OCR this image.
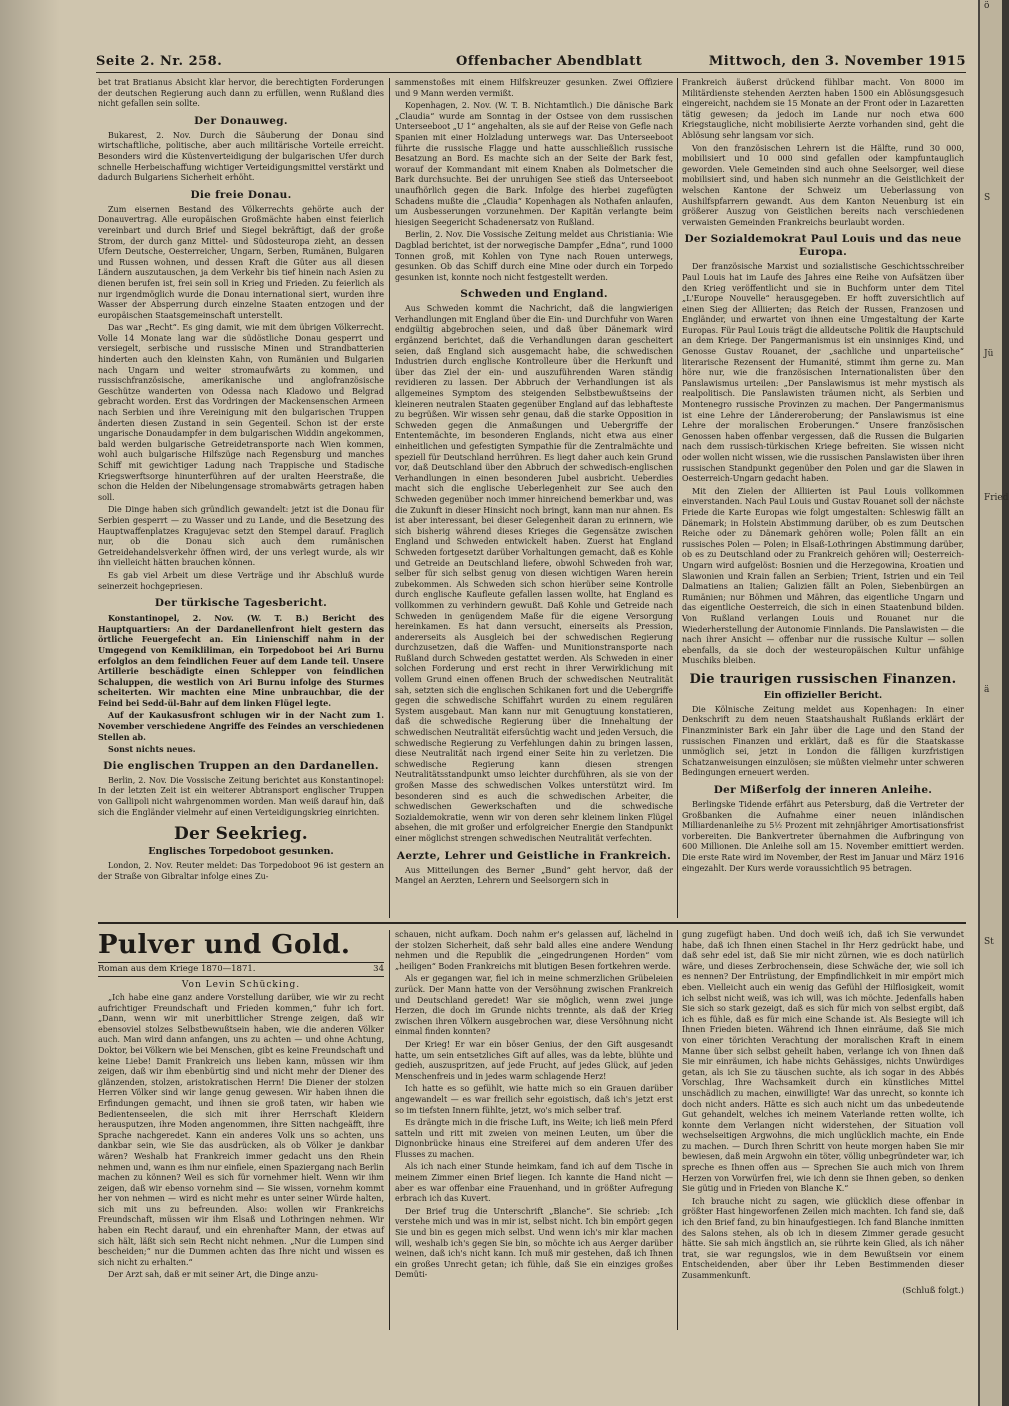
Seite 2. Nr. 258.	Offenbacher Abendblatt	Mittwoch, den 3. November 1915

bet trat Bratianus Absicht klar hervor, die berechtigten Forderungen der deutschen Regierung auch dann zu erfüllen, wenn Rußland dies nicht gefallen sein sollte.

Der Donauweg.

Bukarest, 2. Nov. Durch die Säuberung der Donau sind wirtschaftliche, politische, aber auch militärische Vorteile erreicht. Besonders wird die Küstenverteidigung der bulgarischen Ufer durch schnelle Herbeischaffung wichtiger Verteidigungsmittel verstärkt und dadurch Bulgariens Sicherheit erhöht.

Die freie Donau.

Zum eisernen Bestand des Völkerrechts gehörte auch der Donauvertrag. Alle europäischen Großmächte haben einst feierlich vereinbart und durch Brief und Siegel bekräftigt, daß der große Strom, der durch ganz Mittel- und Südosteuropa zieht, an dessen Ufern Deutsche, Oesterreicher, Ungarn, Serben, Rumänen, Bulgaren und Russen wohnen, und dessen Kraft die Güter aus all diesen Ländern auszutauschen, ja dem Verkehr bis tief hinein nach Asien zu dienen berufen ist, frei sein soll in Krieg und Frieden. Zu feierlich als nur irgendmöglich wurde die Donau international siert, wurden ihre Wasser der Absperrung durch einzelne Staaten entzogen und der europäischen Staatsgemeinschaft unterstellt.

Das war „Recht“. Es ging damit, wie mit dem übrigen Völkerrecht. Volle 14 Monate lang war die südöstliche Donau gesperrt und versiegelt, serbische und russische Minen und Strandbatterien hinderten auch den kleinsten Kahn, von Rumänien und Bulgarien nach Ungarn und weiter stromaufwärts zu kommen, und russischfranzösische, amerikanische und anglofranzösische Geschütze wanderten von Odessa nach Kladowo und Belgrad gebracht worden. Erst das Vordringen der Mackensenschen Armeen nach Serbien und ihre Vereinigung mit den bulgarischen Truppen änderten diesen Zustand in sein Gegenteil. Schon ist der erste ungarische Donaudampfer in dem bulgarischen Widdin angekommen, bald werden bulgarische Getreidetransporte nach Wien kommen, wohl auch bulgarische Hilfszüge nach Regensburg und manches Schiff mit gewichtiger Ladung nach Trappische und Stadische Kriegswerftsorge hinunterführen auf der uralten Heerstraße, die schon die Helden der Nibelungensage stromabwärts getragen haben soll.

Die Dinge haben sich gründlich gewandelt: jetzt ist die Donau für Serbien gesperrt — zu Wasser und zu Lande, und die Besetzung des Hauptwaffenplatzes Kragujevac setzt den Stempel darauf. Fraglich nur, ob die Donau sich auch dem rumänischen Getreidehandelsverkehr öffnen wird, der uns verlegt wurde, als wir ihn vielleicht hätten brauchen können.

Es gab viel Arbeit um diese Verträge und ihr Abschluß wurde seinerzeit hochgepriesen.

Der türkische Tagesbericht.

Konstantinopel, 2. Nov. (W. T. B.) Bericht des Hauptquartiers: An der Dardanellenfront hielt gestern das örtliche Feuergefecht an. Ein Linienschiff nahm in der Umgegend von Kemikliliman, ein Torpedoboot bei Ari Burnu erfolglos an dem feindlichen Feuer auf dem Lande teil. Unsere Artillerie beschädigte einen Schlepper von feindlichen Schaluppen, die westlich von Ari Burnu infolge des Sturmes scheiterten. Wir machten eine Mine unbrauchbar, die der Feind bei Sedd-ül-Bahr auf dem linken Flügel legte.

Auf der Kaukasusfront schlugen wir in der Nacht zum 1. November verschiedene Angriffe des Feindes an verschiedenen Stellen ab.

Sonst nichts neues.

Die englischen Truppen an den Dardanellen.

Berlin, 2. Nov. Die Vossische Zeitung berichtet aus Konstantinopel: In der letzten Zeit ist ein weiterer Abtransport englischer Truppen von Gallipoli nicht wahrgenommen worden. Man weiß darauf hin, daß sich die Engländer vielmehr auf einen Verteidigungskrieg einrichten.

Der Seekrieg.
Englisches Torpedoboot gesunken.

London, 2. Nov. Reuter meldet: Das Torpedoboot 96 ist gestern an der Straße von Gibraltar infolge eines Zu-

sammenstoßes mit einem Hilfskreuzer gesunken. Zwei Offiziere und 9 Mann werden vermißt.

Kopenhagen, 2. Nov. (W. T. B. Nichtamtlich.) Die dänische Bark „Claudia“ wurde am Sonntag in der Ostsee von dem russischen Unterseeboot „U 1“ angehalten, als sie auf der Reise von Gefle nach Spanien mit einer Holzladung unterwegs war. Das Unterseeboot führte die russische Flagge und hatte ausschließlich russische Besatzung an Bord. Es machte sich an der Seite der Bark fest, worauf der Kommandant mit einem Knaben als Dolmetscher die Bark durchsuchte. Bei der unruhigen See stieß das Unterseeboot unaufhörlich gegen die Bark. Infolge des hierbei zugefügten Schadens mußte die „Claudia“ Kopenhagen als Nothafen anlaufen, um Ausbesserungen vorzunehmen. Der Kapitän verlangte beim hiesigen Seegericht Schadenersatz von Rußland.

Berlin, 2. Nov. Die Vossische Zeitung meldet aus Christiania: Wie Dagblad berichtet, ist der norwegische Dampfer „Edna“, rund 1000 Tonnen groß, mit Kohlen von Tyne nach Rouen unterwegs, gesunken. Ob das Schiff durch eine Mine oder durch ein Torpedo gesunken ist, konnte noch nicht festgestellt werden.

Schweden und England.

Aus Schweden kommt die Nachricht, daß die langwierigen Verhandlungen mit England über die Ein- und Durchfuhr von Waren endgültig abgebrochen seien, und daß über Dänemark wird ergänzend berichtet, daß die Verhandlungen daran gescheitert seien, daß England sich ausgemacht habe, die schwedischen Industrien durch englische Kontrolleure über die Herkunft und über das Ziel der ein- und auszuführenden Waren ständig revidieren zu lassen. Der Abbruch der Verhandlungen ist als allgemeines Symptom des steigenden Selbstbewußtseins der kleineren neutralen Staaten gegenüber England auf das lebhafteste zu begrüßen. Wir wissen sehr genau, daß die starke Opposition in Schweden gegen die Anmaßungen und Uebergriffe der Ententemächte, im besonderen Englands, nicht etwa aus einer einheitlichen und gefestigten Sympathie für die Zentralmächte und speziell für Deutschland herrühren. Es liegt daher auch kein Grund vor, daß Deutschland über den Abbruch der schwedisch-englischen Verhandlungen in einen besonderen Jubel ausbricht. Ueberdies macht sich die englische Ueberlegenheit zur See auch den Schweden gegenüber noch immer hinreichend bemerkbar und, was die Zukunft in dieser Hinsicht noch bringt, kann man nur ahnen. Es ist aber interessant, bei dieser Gelegenheit daran zu erinnern, wie sich bisherig während dieses Krieges die Gegensätze zwischen England und Schweden entwickelt haben. Zuerst hat England Schweden fortgesetzt darüber Vorhaltungen gemacht, daß es Kohle und Getreide an Deutschland liefere, obwohl Schweden froh war, selber für sich selbst genug von diesen wichtigen Waren herein zubekommen. Als Schweden sich schon hierüber seine Kontrolle durch englische Kaufleute gefallen lassen wollte, hat England es vollkommen zu verhindern gewußt. Daß Kohle und Getreide nach Schweden in genügendem Maße für die eigene Versorgung hereinkamen. Es hat dann versucht, einerseits als Pression, andererseits als Ausgleich bei der schwedischen Regierung durchzusetzen, daß die Waffen- und Munitionstransporte nach Rußland durch Schweden gestattet werden. Als Schweden in einer solchen Forderung und erst recht in ihrer Verwirklichung mit vollem Grund einen offenen Bruch der schwedischen Neutralität sah, setzten sich die englischen Schikanen fort und die Uebergriffe gegen die schwedische Schiffahrt wurden zu einem regulären System ausgebaut. Man kann nur mit Genugtuung konstatieren, daß die schwedische Regierung über die Innehaltung der schwedischen Neutralität eifersüchtig wacht und jeden Versuch, die schwedische Regierung zu Verfehlungen dahin zu bringen lassen, diese Neutralität nach irgend einer Seite hin zu verletzen. Die schwedische Regierung kann diesen strengen Neutralitätsstandpunkt umso leichter durchführen, als sie von der großen Masse des schwedischen Volkes unterstützt wird. Im besonderen sind es auch die schwedischen Arbeiter, die schwedischen Gewerkschaften und die schwedische Sozialdemokratie, wenn wir von deren sehr kleinem linken Flügel absehen, die mit großer und erfolgreicher Energie den Standpunkt einer möglichst strengen schwedischen Neutralität verfechten.

Aerzte, Lehrer und Geistliche in Frankreich.

Aus Mitteilungen des Berner „Bund“ geht hervor, daß der Mangel an Aerzten, Lehrern und Seelsorgern sich in

Frankreich äußerst drückend fühlbar macht. Von 8000 im Militärdienste stehenden Aerzten haben 1500 ein Ablösungsgesuch eingereicht, nachdem sie 15 Monate an der Front oder in Lazaretten tätig gewesen; da jedoch im Lande nur noch etwa 600 Kriegstaugliche, nicht mobilisierte Aerzte vorhanden sind, geht die Ablösung sehr langsam vor sich.

Von den französischen Lehrern ist die Hälfte, rund 30 000, mobilisiert und 10 000 sind gefallen oder kampfuntauglich geworden. Viele Gemeinden sind auch ohne Seelsorger, weil diese mobilisiert sind, und haben sich nunmehr an die Geistlichkeit der welschen Kantone der Schweiz um Ueberlassung von Aushilfspfarrern gewandt. Aus dem Kanton Neuenburg ist ein größerer Auszug von Geistlichen bereits nach verschiedenen verwaisten Gemeinden Frankreichs beurlaubt worden.

Der Sozialdemokrat Paul Louis und das neue Europa.

Der französische Marxist und sozialistische Geschichtsschreiber Paul Louis hat im Laufe des Jahres eine Reihe von Aufsätzen über den Krieg veröffentlicht und sie in Buchform unter dem Titel „L'Europe Nouvelle“ herausgegeben. Er hofft zuversichtlich auf einen Sieg der Alliierten; das Reich der Russen, Franzosen und Engländer, und erwartet von ihnen eine Umgestaltung der Karte Europas. Für Paul Louis trägt die alldeutsche Politik die Hauptschuld an dem Kriege. Der Pangermanismus ist ein unsinniges Kind, und Genosse Gustav Rouanet, der „sachliche und unparteiische“ literarische Rezensent der Humanité, stimmt ihm gerne zu. Man höre nur, wie die französischen Internationalisten über den Panslawismus urteilen: „Der Panslawismus ist mehr mystisch als realpolitisch. Die Panslawisten träumen nicht, als Serbien und Montenegro russische Provinzen zu machen. Der Pangermanismus ist eine Lehre der Ländereroberung; der Panslawismus ist eine Lehre der moralischen Eroberungen.“ Unsere französischen Genossen haben offenbar vergessen, daß die Russen die Bulgarien nach dem russisch-türkischen Kriege befreiten. Sie wissen nicht oder wollen nicht wissen, wie die russischen Panslawisten über ihren russischen Standpunkt gegenüber den Polen und gar die Slawen in Oesterreich-Ungarn gedacht haben.

Mit den Zielen der Alliierten ist Paul Louis vollkommen einverstanden. Nach Paul Louis und Gustav Rouanet soll der nächste Friede die Karte Europas wie folgt umgestalten: Schleswig fällt an Dänemark; in Holstein Abstimmung darüber, ob es zum Deutschen Reiche oder zu Dänemark gehören wolle; Polen fällt an ein russisches Polen — Polen; in Elsaß-Lothringen Abstimmung darüber, ob es zu Deutschland oder zu Frankreich gehören will; Oesterreich-Ungarn wird aufgelöst: Bosnien und die Herzegowina, Kroatien und Slawonien und Krain fallen an Serbien; Trient, Istrien und ein Teil Dalmatiens an Italien; Galizien fällt an Polen, Siebenbürgen an Rumänien; nur Böhmen und Mähren, das eigentliche Ungarn und das eigentliche Oesterreich, die sich in einen Staatenbund bilden. Von Rußland verlangen Louis und Rouanet nur die Wiederherstellung der Autonomie Finnlands. Die Panslawisten — die nach ihrer Ansicht — offenbar nur die russische Kultur — sollen ebenfalls, da sie doch der westeuropäischen Kultur unfähige Muschiks bleiben.

Die traurigen russischen Finanzen.
Ein offizieller Bericht.

Die Kölnische Zeitung meldet aus Kopenhagen: In einer Denkschrift zu dem neuen Staatshaushalt Rußlands erklärt der Finanzminister Bark ein Jahr über die Lage und den Stand der russischen Finanzen und erklärt, daß es für die Staatskasse unmöglich sei, jetzt in London die fälligen kurzfristigen Schatzanweisungen einzulösen; sie müßten vielmehr unter schweren Bedingungen erneuert werden.

Der Mißerfolg der inneren Anleihe.

Berlingske Tidende erfährt aus Petersburg, daß die Vertreter der Großbanken die Aufnahme einer neuen inländischen Milliardenanleihe zu 5½ Prozent mit zehnjähriger Amortisationsfrist vorbereiten. Die Bankvertreter übernahmen die Aufbringung von 600 Millionen. Die Anleihe soll am 15. November emittiert werden. Die erste Rate wird im November, der Rest im Januar und März 1916 eingezahlt. Der Kurs werde voraussichtlich 95 betragen.

Pulver und Gold.
Roman aus dem Kriege 1870—1871.	34
Von Levin Schücking.

„Ich habe eine ganz andere Vorstellung darüber, wie wir zu recht aufrichtiger Freundschaft und Frieden kommen,“ fuhr ich fort. „Dann, wenn wir mit unerbittlicher Strenge zeigen, daß wir ebensoviel stolzes Selbstbewußtsein haben, wie die anderen Völker auch. Man wird dann anfangen, uns zu achten — und ohne Achtung, Doktor, bei Völkern wie bei Menschen, gibt es keine Freundschaft und keine Liebe! Damit Frankreich uns lieben kann, müssen wir ihm zeigen, daß wir ihm ebenbürtig sind und nicht mehr der Diener des glänzenden, stolzen, aristokratischen Herrn! Die Diener der stolzen Herren Völker sind wir lange genug gewesen. Wir haben ihnen die Erfindungen gemacht, und ihnen sie groß taten, wir haben wie Bedientenseelen, die sich mit ihrer Herrschaft Kleidern herausputzen, ihre Moden angenommen, ihre Sitten nachgeäfft, ihre Sprache nachgeredet. Kann ein anderes Volk uns so achten, uns dankbar sein, wie Sie das ausdrücken, als ob Völker je dankbar wären? Weshalb hat Frankreich immer gedacht uns den Rhein nehmen und, wann es ihm nur einfiele, einen Spaziergang nach Berlin machen zu können? Weil es sich für vornehmer hielt. Wenn wir ihm zeigen, daß wir ebenso vornehm sind — Sie wissen, vornehm kommt her von nehmen — wird es nicht mehr es unter seiner Würde halten, sich mit uns zu befreunden. Also: wollen wir Frankreichs Freundschaft, müssen wir ihm Elsaß und Lothringen nehmen. Wir haben ein Recht darauf, und ein ehrenhafter Mann, der etwas auf sich hält, läßt sich sein Recht nicht nehmen. „Nur die Lumpen sind bescheiden;“ nur die Dummen achten das Ihre nicht und wissen es sich nicht zu erhalten.“

Der Arzt sah, daß er mit seiner Art, die Dinge anzu-

schauen, nicht aufkam. Doch nahm er's gelassen auf, lächelnd in der stolzen Sicherheit, daß sehr bald alles eine andere Wendung nehmen und die Republik die „eingedrungenen Horden“ vom „heiligen“ Boden Frankreichs mit blutigen Besen fortkehren werde.

Als er gegangen war, fiel ich in meine schmerzlichen Grübeleien zurück. Der Mann hatte von der Versöhnung zwischen Frankreich und Deutschland geredet! War sie möglich, wenn zwei junge Herzen, die doch im Grunde nichts trennte, als daß der Krieg zwischen ihren Völkern ausgebrochen war, diese Versöhnung nicht einmal finden konnten?

Der Krieg! Er war ein böser Genius, der den Gift ausgesandt hatte, um sein entsetzliches Gift auf alles, was da lebte, blühte und gedieh, auszuspritzen, auf jede Frucht, auf jedes Glück, auf jeden Menschenfreis und in jedes warm schlagende Herz!

Ich hatte es so gefühlt, wie hatte mich so ein Grauen darüber angewandelt — es war freilich sehr egoistisch, daß ich's jetzt erst so im tiefsten Innern fühlte, jetzt, wo's mich selber traf.

Es drängte mich in die frische Luft, ins Weite; ich ließ mein Pferd satteln und ritt mit zweien von meinen Leuten, um über die Dignonbrücke hinaus eine Streiferei auf dem anderen Ufer des Flusses zu machen.

Als ich nach einer Stunde heimkam, fand ich auf dem Tische in meinem Zimmer einen Brief liegen. Ich kannte die Hand nicht — aber es war offenbar eine Frauenhand, und in größter Aufregung erbrach ich das Kuvert.

Der Brief trug die Unterschrift „Blanche“. Sie schrieb: „Ich verstehe mich und was in mir ist, selbst nicht. Ich bin empört gegen Sie und bin es gegen mich selbst. Und wenn ich's mir klar machen will, weshalb ich's gegen Sie bin, so möchte ich aus Aerger darüber weinen, daß ich's nicht kann. Ich muß mir gestehen, daß ich Ihnen ein großes Unrecht getan; ich fühle, daß Sie ein einziges großes Demüti-

gung zugefügt haben. Und doch weiß ich, daß ich Sie verwundet habe, daß ich Ihnen einen Stachel in Ihr Herz gedrückt habe, und daß sehr edel ist, daß Sie mir nicht zürnen, wie es doch natürlich wäre, und dieses Zerbrochensein, diese Schwäche der, wie soll ich es nennen? Der Entrüstung, der Empfindlichkeit in mir empört mich eben. Vielleicht auch ein wenig das Gefühl der Hilflosigkeit, womit ich selbst nicht weiß, was ich will, was ich möchte. Jedenfalls haben Sie sich so stark gezeigt, daß es sich für mich von selbst ergibt, daß ich es fühle, daß es für mich eine Schande ist. Als Besiegte will ich Ihnen Frieden bieten. Während ich Ihnen einräume, daß Sie mich von einer törichten Verachtung der moralischen Kraft in einem Manne über sich selbst geheilt haben, verlange ich von Ihnen daß Sie mir einräumen, ich habe nichts Gehässiges, nichts Unwürdiges getan, als ich Sie zu täuschen suchte, als ich sogar in des Abbés Vorschlag, Ihre Wachsamkeit durch ein künstliches Mittel unschädlich zu machen, einwilligte! War das unrecht, so konnte ich doch nicht anders. Hätte es sich auch nicht um das unbedeutende Gut gehandelt, welches ich meinem Vaterlande retten wollte, ich konnte dem Verlangen nicht widerstehen, der Situation voll wechselseitigen Argwohns, die mich unglücklich machte, ein Ende zu machen. — Durch Ihren Schritt von heute morgen haben Sie mir bewiesen, daß mein Argwohn ein töter, völlig unbegründeter war, ich spreche es Ihnen offen aus — Sprechen Sie auch mich von Ihrem Herzen von Vorwürfen frei, wie ich denn sie Ihnen geben, so denken Sie gütig und in Frieden von Blanche K.“

Ich brauche nicht zu sagen, wie glücklich diese offenbar in größter Hast hingeworfenen Zeilen mich machten. Ich fand sie, daß ich den Brief fand, zu bin hinaufgestiegen. Ich fand Blanche inmitten des Salons stehen, als ob ich in diesem Zimmer gerade gesucht hätte. Sie sah mich ängstlich an, sie rührte kein Glied, als ich näher trat, sie war regungslos, wie in dem Bewußtsein vor einem Entscheidenden, aber über ihr Leben Bestimmenden dieser Zusammenkunft.

(Schluß folgt.)
ö

S

Jü

Fried

ä

St
